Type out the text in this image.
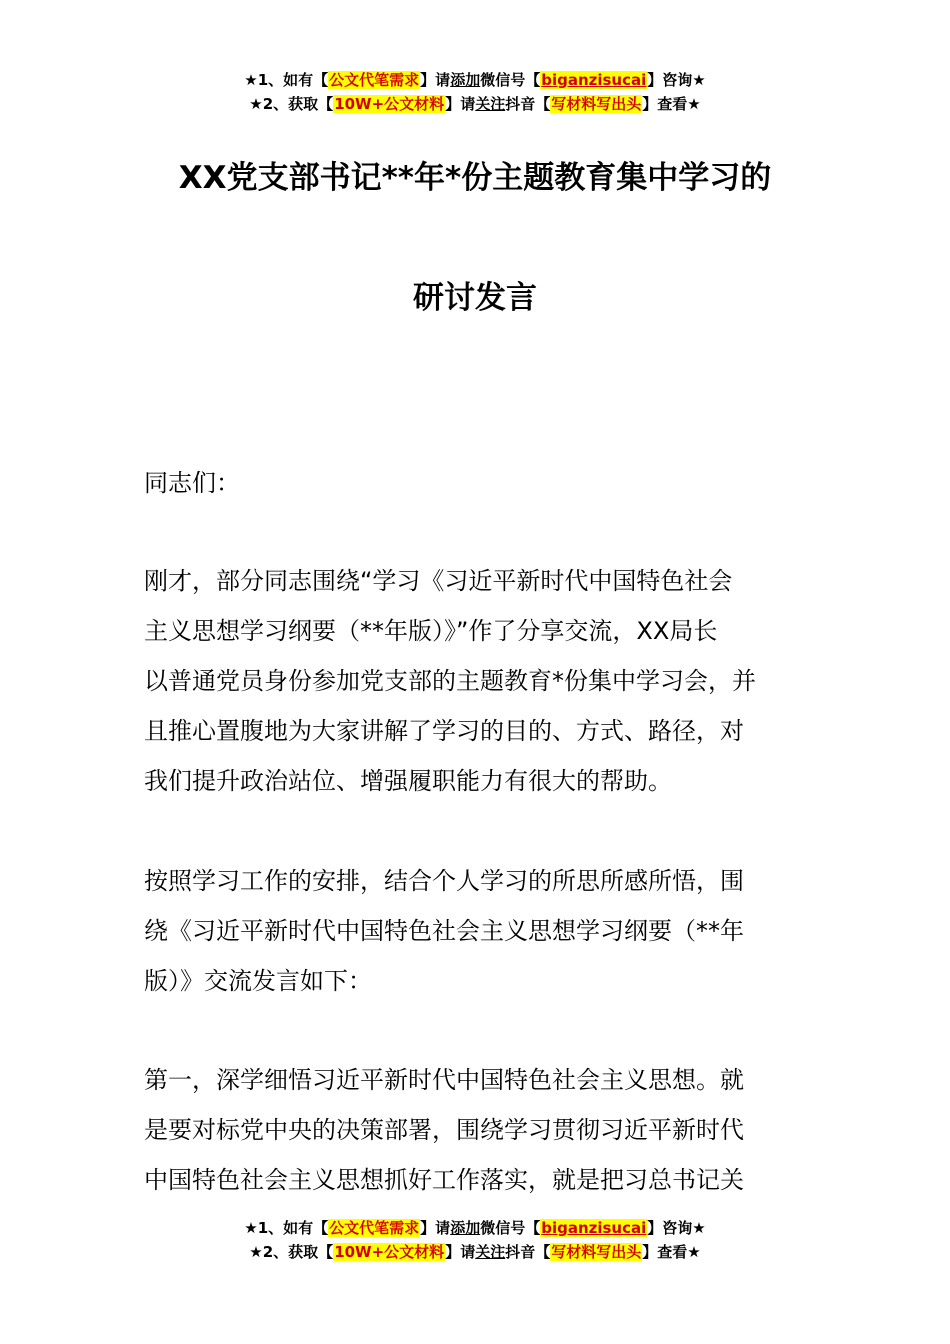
★1、如有【公文代笔需求】请添加微信号【biganzisucai】咨询★
★2、获取【10W+公文材料】请关注抖音【写材料写出头】查看★
XX党支部书记**年*份主题教育集中学习的
研讨发言
同志们：
刚才，部分同志围绕“学习《习近平新时代中国特色社会
主义思想学习纲要（**年版）》”作了分享交流，XX局长
以普通党员身份参加党支部的主题教育*份集中学习会，并
且推心置腹地为大家讲解了学习的目的、方式、路径，对
我们提升政治站位、增强履职能力有很大的帮助。
按照学习工作的安排，结合个人学习的所思所感所悟，围
绕《习近平新时代中国特色社会主义思想学习纲要（**年
版）》交流发言如下：
第一，深学细悟习近平新时代中国特色社会主义思想。就
是要对标党中央的决策部署，围绕学习贯彻习近平新时代
中国特色社会主义思想抓好工作落实，就是把习总书记关
★1、如有【公文代笔需求】请添加微信号【biganzisucai】咨询★
★2、获取【10W+公文材料】请关注抖音【写材料写出头】查看★
